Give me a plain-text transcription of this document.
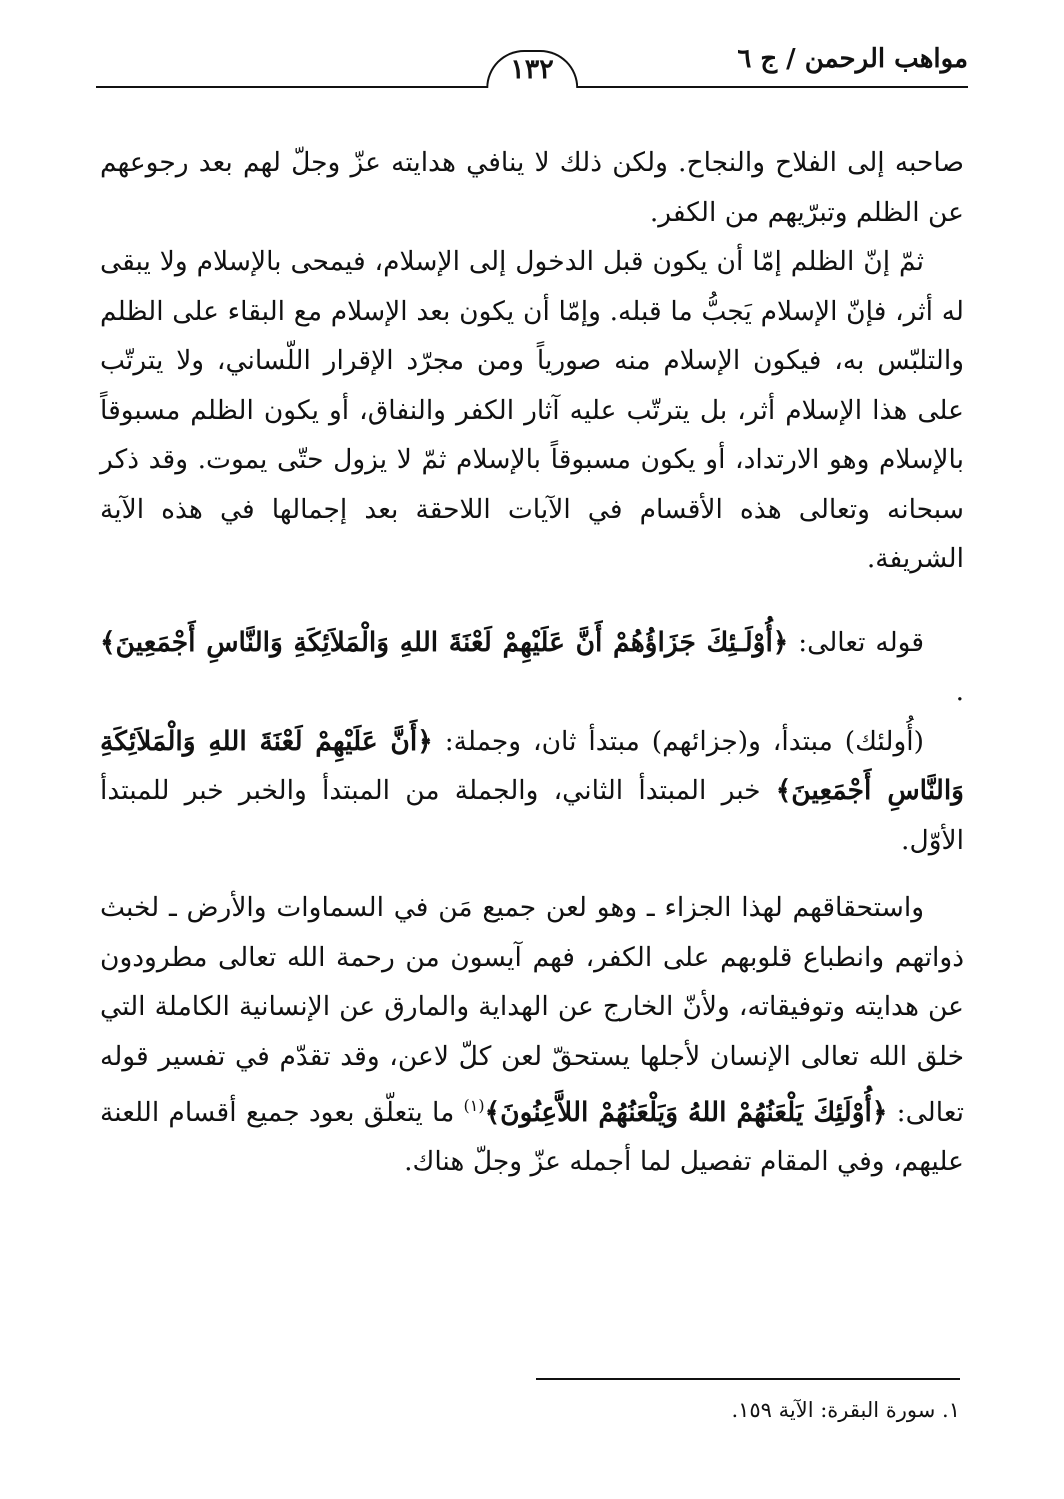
مواهب الرحمن / ج ٦
١٣٢

صاحبه إلى الفلاح والنجاح. ولكن ذلك لا ينافي هدايته عزّ وجلّ لهم بعد رجوعهم عن الظلم وتبرّيهم من الكفر.

ثمّ إنّ الظلم إمّا أن يكون قبل الدخول إلى الإسلام، فيمحى بالإسلام ولا يبقى له أثر، فإنّ الإسلام يَجبُّ ما قبله. وإمّا أن يكون بعد الإسلام مع البقاء على الظلم والتلبّس به، فيكون الإسلام منه صورياً ومن مجرّد الإقرار اللّساني، ولا يترتّب على هذا الإسلام أثر، بل يترتّب عليه آثار الكفر والنفاق، أو يكون الظلم مسبوقاً بالإسلام وهو الارتداد، أو يكون مسبوقاً بالإسلام ثمّ لا يزول حتّى يموت. وقد ذكر سبحانه وتعالى هذه الأقسام في الآيات اللاحقة بعد إجمالها في هذه الآية الشريفة.

قوله تعالى: ﴿أُوْلَـئِكَ جَزَاؤُهُمْ أَنَّ عَلَيْهِمْ لَعْنَةَ اللهِ وَالْمَلاَئِكَةِ وَالنَّاسِ أَجْمَعِينَ﴾ .

(أُولئك) مبتدأ، و(جزائهم) مبتدأ ثان، وجملة: ﴿أَنَّ عَلَيْهِمْ لَعْنَةَ اللهِ وَالْمَلاَئِكَةِ وَالنَّاسِ أَجْمَعِينَ﴾ خبر المبتدأ الثاني، والجملة من المبتدأ والخبر خبر للمبتدأ الأوّل.

واستحقاقهم لهذا الجزاء ـ وهو لعن جميع مَن في السماوات والأرض ـ لخبث ذواتهم وانطباع قلوبهم على الكفر، فهم آيسون من رحمة الله تعالى مطرودون عن هدايته وتوفيقاته، ولأنّ الخارج عن الهداية والمارق عن الإنسانية الكاملة التي خلق الله تعالى الإنسان لأجلها يستحقّ لعن كلّ لاعن، وقد تقدّم في تفسير قوله تعالى: ﴿أُوْلَئِكَ يَلْعَنُهُمْ اللهُ وَيَلْعَنُهُمْ اللاَّعِنُونَ﴾$^{(١)}$ ما يتعلّق بعود جميع أقسام اللعنة عليهم، وفي المقام تفصيل لما أجمله عزّ وجلّ هناك.

١. سورة البقرة: الآية ١٥٩.
